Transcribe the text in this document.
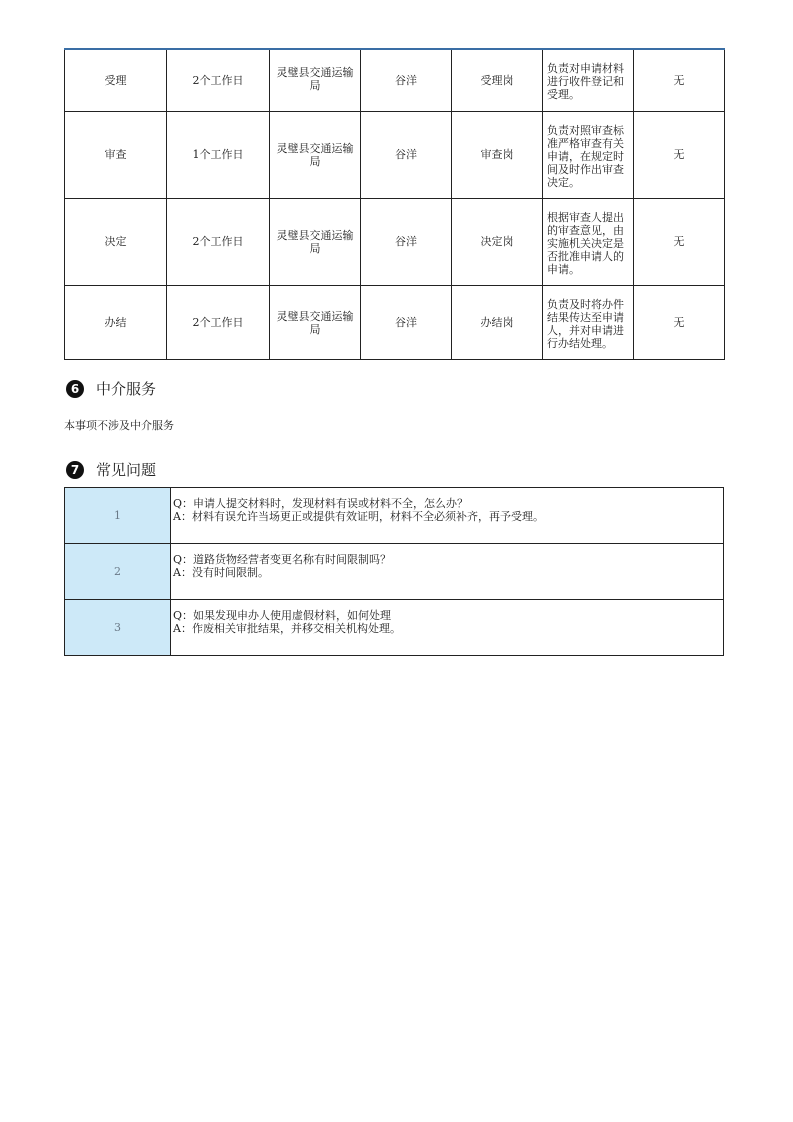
受理	2个工作日	灵璧县交通运输局	谷洋	受理岗	负责对申请材料进行收件登记和受理。	无
审查	1个工作日	灵璧县交通运输局	谷洋	审查岗	负责对照审查标准严格审查有关申请，在规定时间及时作出审查决定。	无
决定	2个工作日	灵璧县交通运输局	谷洋	决定岗	根据审查人提出的审查意见，由实施机关决定是否批准申请人的申请。	无
办结	2个工作日	灵璧县交通运输局	谷洋	办结岗	负责及时将办件结果传达至申请人，并对申请进行办结处理。	无
6	中介服务
本事项不涉及中介服务
7	常见问题
1	Q：申请人提交材料时，发现材料有误或材料不全，怎么办？
A：材料有误允许当场更正或提供有效证明，材料不全必须补齐，再予受理。

2	Q：道路货物经营者变更名称有时间限制吗？
A：没有时间限制。

3	Q：如果发现申办人使用虚假材料，如何处理
A：作废相关审批结果，并移交相关机构处理。
